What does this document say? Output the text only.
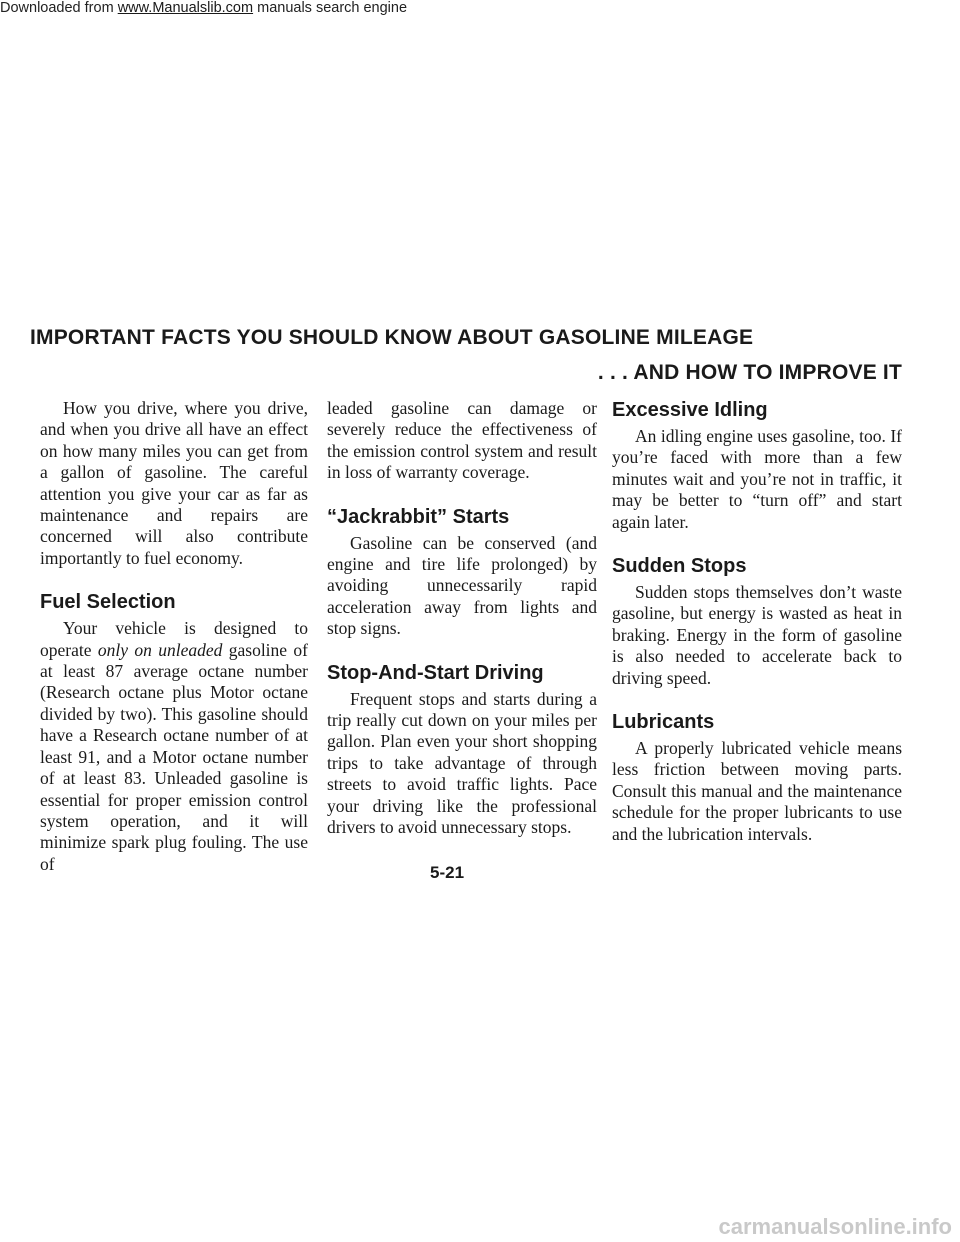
Downloaded from www.Manualslib.com manuals search engine
IMPORTANT FACTS YOU SHOULD KNOW ABOUT GASOLINE MILEAGE
. . . AND HOW TO IMPROVE IT

How you drive, where you drive, and when you drive all have an effect on how many miles you can get from a gallon of gasoline. The careful attention you give your car as far as maintenance and repairs are concerned will also contribute importantly to fuel economy.

Fuel Selection

Your vehicle is designed to operate only on unleaded gasoline of at least 87 average octane number (Research octane plus Motor octane divided by two). This gasoline should have a Research octane number of at least 91, and a Motor octane number of at least 83. Unleaded gasoline is essential for proper emission control system operation, and it will minimize spark plug fouling. The use of

leaded gasoline can damage or severely reduce the effectiveness of the emission control system and result in loss of warranty coverage.

“Jackrabbit” Starts

Gasoline can be conserved (and engine and tire life prolonged) by avoiding unnecessarily rapid acceleration away from lights and stop signs.

Stop-And-Start Driving

Frequent stops and starts during a trip really cut down on your miles per gallon. Plan even your short shopping trips to take advantage of through streets to avoid traffic lights. Pace your driving like the professional drivers to avoid unnecessary stops.

Excessive Idling

An idling engine uses gasoline, too. If you’re faced with more than a few minutes wait and you’re not in traffic, it may be better to “turn off” and start again later.

Sudden Stops

Sudden stops themselves don’t waste gasoline, but energy is wasted as heat in braking. Energy in the form of gasoline is also needed to accelerate back to driving speed.

Lubricants

A properly lubricated vehicle means less friction between moving parts. Consult this manual and the maintenance schedule for the proper lubricants to use and the lubrication intervals.

5-21
carmanualsonline.info
